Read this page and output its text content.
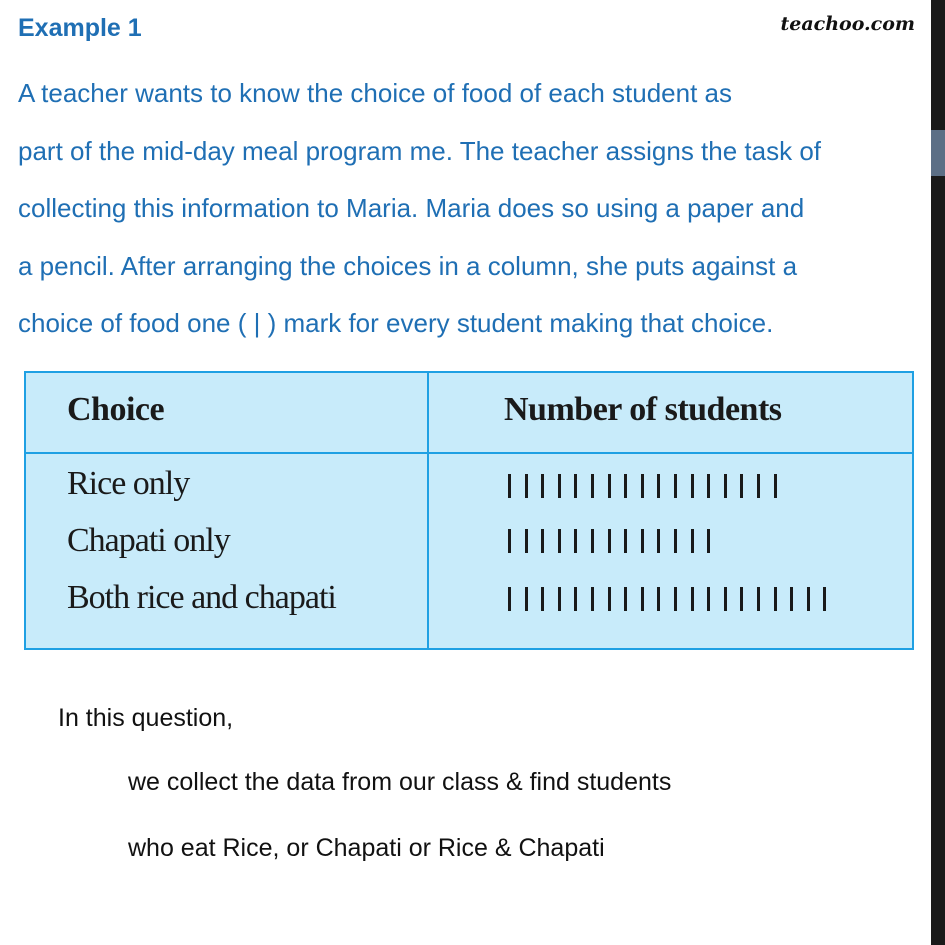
Example 1	teachoo.com
A teacher wants to know the choice of food of each student as
part of the mid-day meal program me. The teacher assigns the task of
collecting this information to Maria. Maria does so using a paper and
a pencil. After arranging the choices in a column, she puts against a
choice of food one ( | ) mark for every student making that choice.
Choice	Number of students
Rice only
Chapati only
Both rice and chapati
In this question,
we collect the data from our class & find students
who eat Rice, or Chapati or Rice & Chapati
